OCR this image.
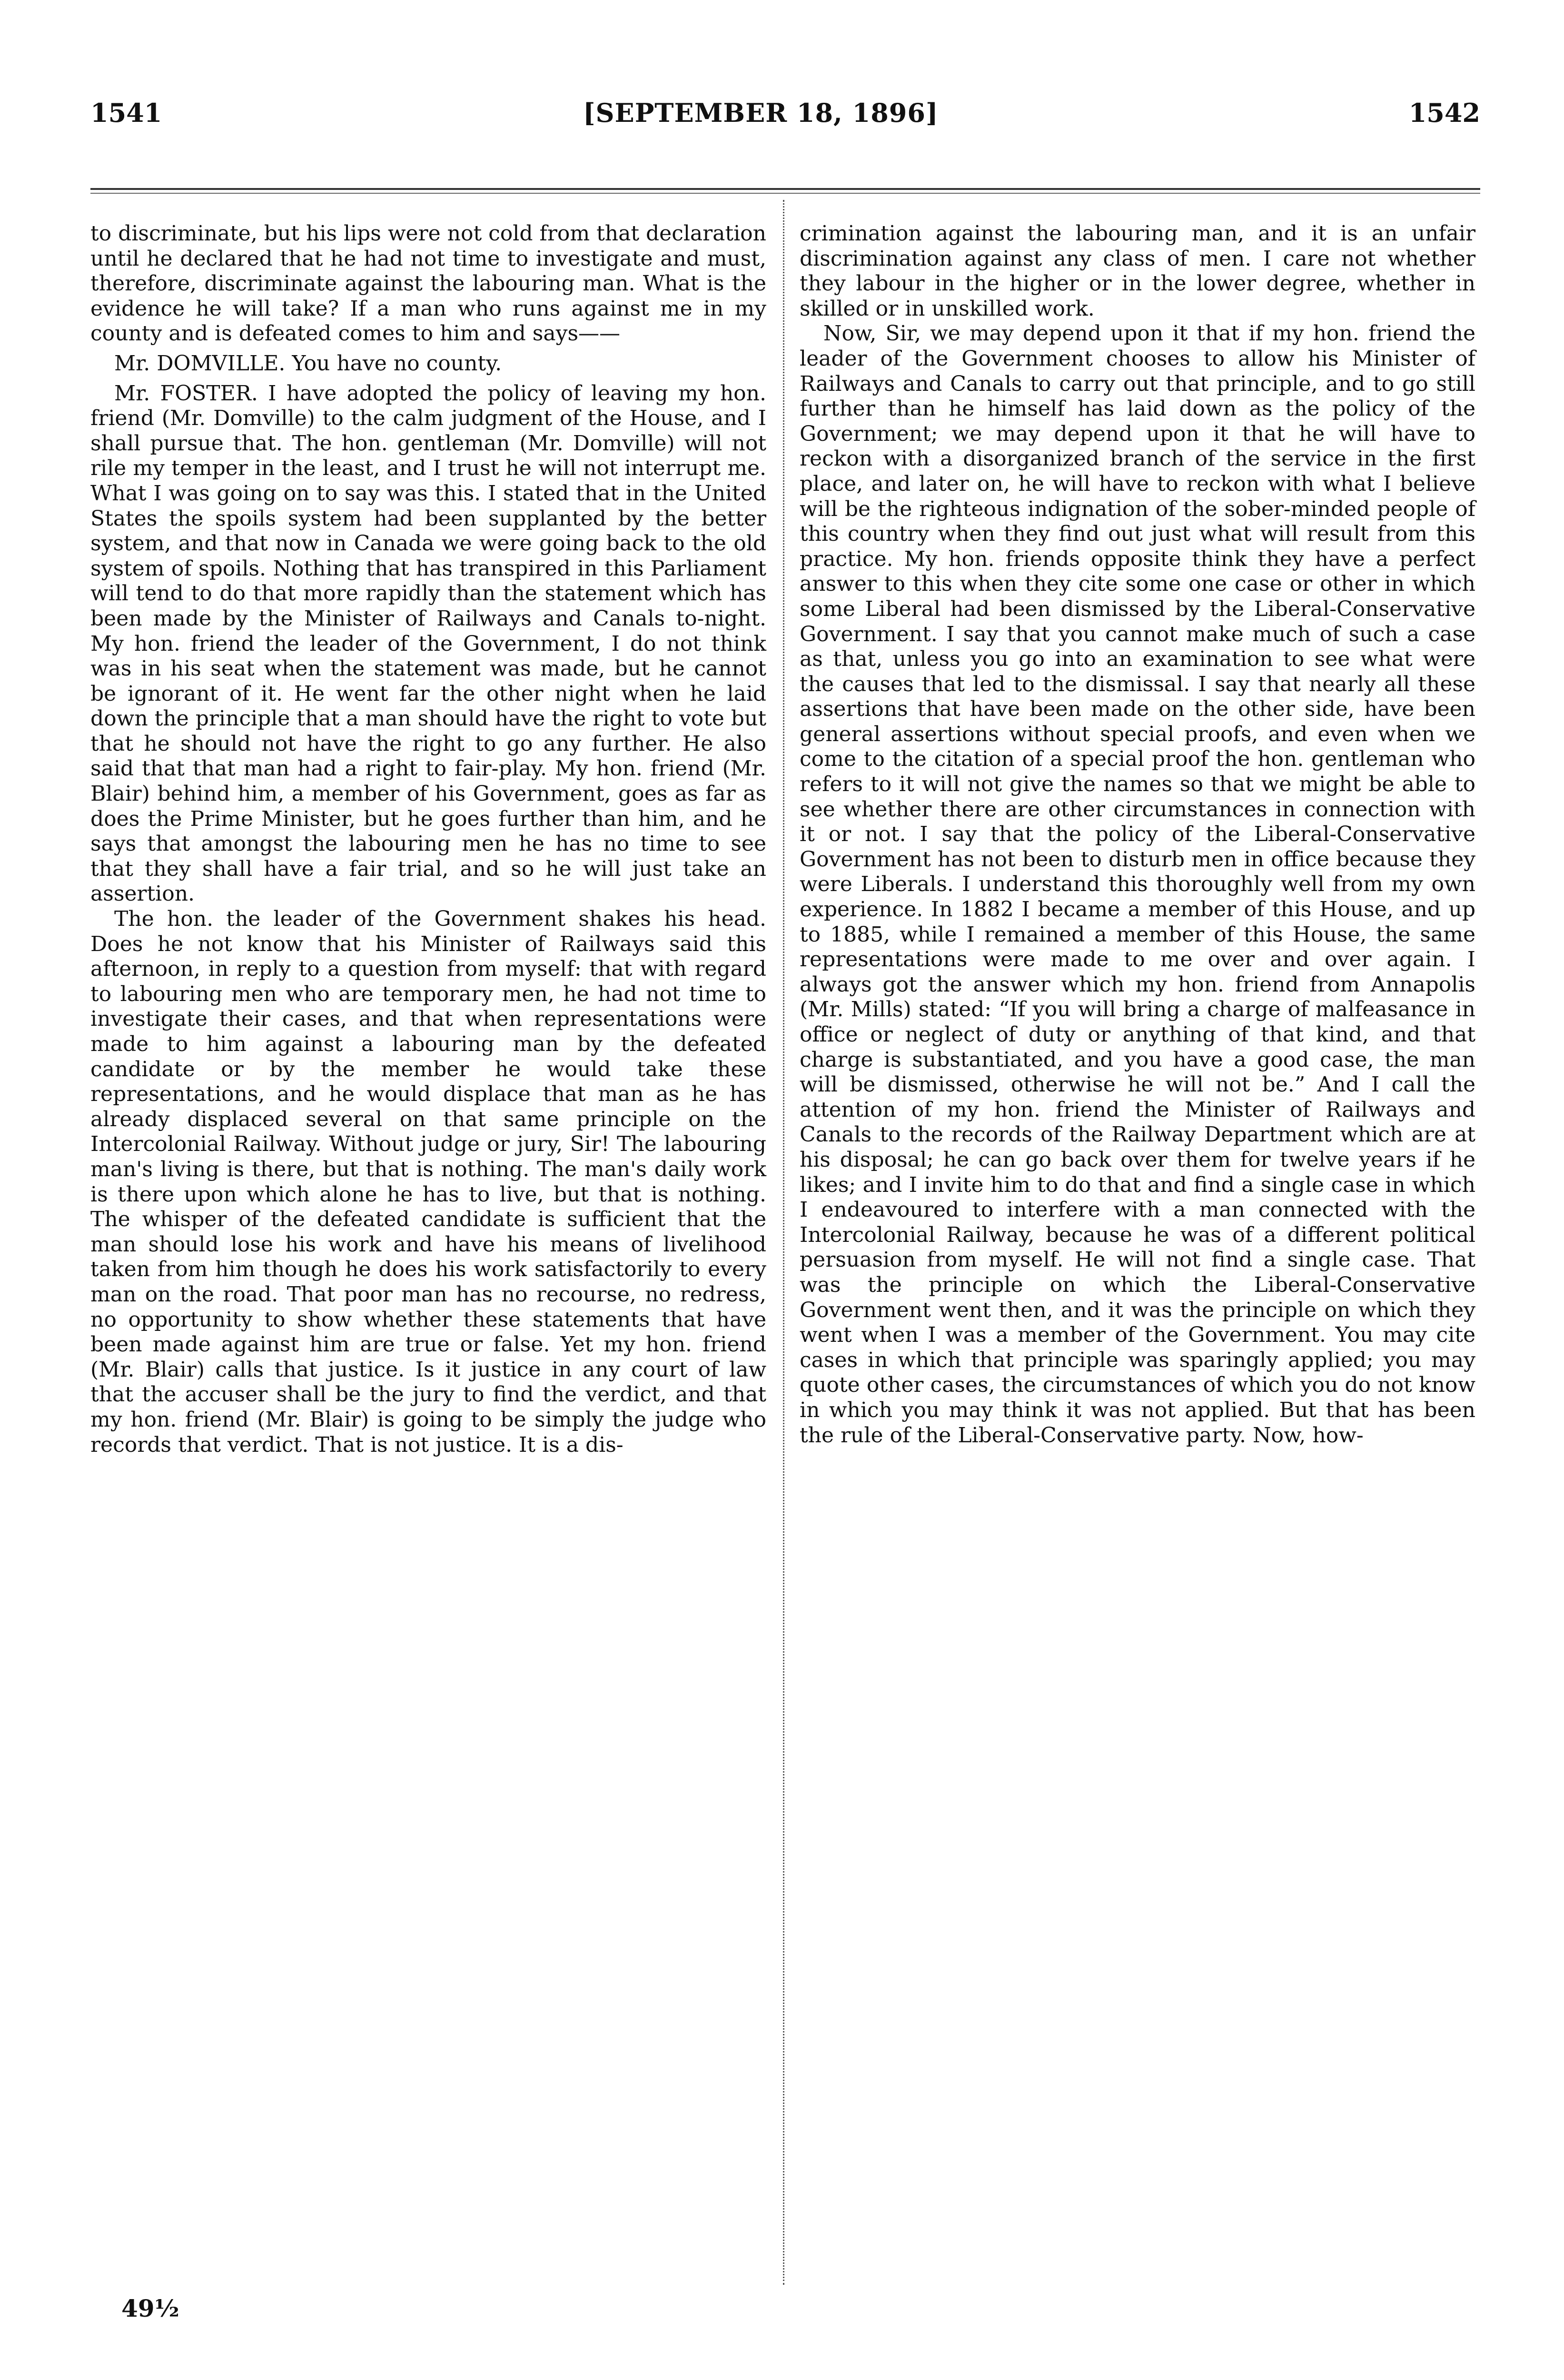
1541	[SEPTEMBER 18, 1896]	1542

to discriminate, but his lips were not cold from that declaration until he declared that he had not time to investigate and must, therefore, discriminate against the labouring man. What is the evidence he will take? If a man who runs against me in my county and is defeated comes to him and says——

Mr. DOMVILLE. You have no county.

Mr. FOSTER. I have adopted the policy of leaving my hon. friend (Mr. Domville) to the calm judgment of the House, and I shall pursue that. The hon. gentleman (Mr. Domville) will not rile my temper in the least, and I trust he will not interrupt me. What I was going on to say was this. I stated that in the United States the spoils system had been supplanted by the better system, and that now in Canada we were going back to the old system of spoils. Nothing that has transpired in this Parliament will tend to do that more rapidly than the statement which has been made by the Minister of Railways and Canals to-night. My hon. friend the leader of the Government, I do not think was in his seat when the statement was made, but he cannot be ignorant of it. He went far the other night when he laid down the principle that a man should have the right to vote but that he should not have the right to go any further. He also said that that man had a right to fair-play. My hon. friend (Mr. Blair) behind him, a member of his Government, goes as far as does the Prime Minister, but he goes further than him, and he says that amongst the labouring men he has no time to see that they shall have a fair trial, and so he will just take an assertion.

The hon. the leader of the Government shakes his head. Does he not know that his Minister of Railways said this afternoon, in reply to a question from myself: that with regard to labouring men who are temporary men, he had not time to investigate their cases, and that when representations were made to him against a labouring man by the defeated candidate or by the member he would take these representations, and he would displace that man as he has already displaced several on that same principle on the Intercolonial Railway. Without judge or jury, Sir! The labouring man's living is there, but that is nothing. The man's daily work is there upon which alone he has to live, but that is nothing. The whisper of the defeated candidate is sufficient that the man should lose his work and have his means of livelihood taken from him though he does his work satisfactorily to every man on the road. That poor man has no recourse, no redress, no opportunity to show whether these statements that have been made against him are true or false. Yet my hon. friend (Mr. Blair) calls that justice. Is it justice in any court of law that the accuser shall be the jury to find the verdict, and that my hon. friend (Mr. Blair) is going to be simply the judge who records that verdict. That is not justice. It is a dis-

crimination against the labouring man, and it is an unfair discrimination against any class of men. I care not whether they labour in the higher or in the lower degree, whether in skilled or in unskilled work.

Now, Sir, we may depend upon it that if my hon. friend the leader of the Government chooses to allow his Minister of Railways and Canals to carry out that principle, and to go still further than he himself has laid down as the policy of the Government; we may depend upon it that he will have to reckon with a disorganized branch of the service in the first place, and later on, he will have to reckon with what I believe will be the righteous indignation of the sober-minded people of this country when they find out just what will result from this practice. My hon. friends opposite think they have a perfect answer to this when they cite some one case or other in which some Liberal had been dismissed by the Liberal-Conservative Government. I say that you cannot make much of such a case as that, unless you go into an examination to see what were the causes that led to the dismissal. I say that nearly all these assertions that have been made on the other side, have been general assertions without special proofs, and even when we come to the citation of a special proof the hon. gentleman who refers to it will not give the names so that we might be able to see whether there are other circumstances in connection with it or not. I say that the policy of the Liberal-Conservative Government has not been to disturb men in office because they were Liberals. I understand this thoroughly well from my own experience. In 1882 I became a member of this House, and up to 1885, while I remained a member of this House, the same representations were made to me over and over again. I always got the answer which my hon. friend from Annapolis (Mr. Mills) stated: “If you will bring a charge of malfeasance in office or neglect of duty or anything of that kind, and that charge is substantiated, and you have a good case, the man will be dismissed, otherwise he will not be.” And I call the attention of my hon. friend the Minister of Railways and Canals to the records of the Railway Department which are at his disposal; he can go back over them for twelve years if he likes; and I invite him to do that and find a single case in which I endeavoured to interfere with a man connected with the Intercolonial Railway, because he was of a different political persuasion from myself. He will not find a single case. That was the principle on which the Liberal-Conservative Government went then, and it was the principle on which they went when I was a member of the Government. You may cite cases in which that principle was sparingly applied; you may quote other cases, the circumstances of which you do not know in which you may think it was not applied. But that has been the rule of the Liberal-Conservative party. Now, how-

49½
